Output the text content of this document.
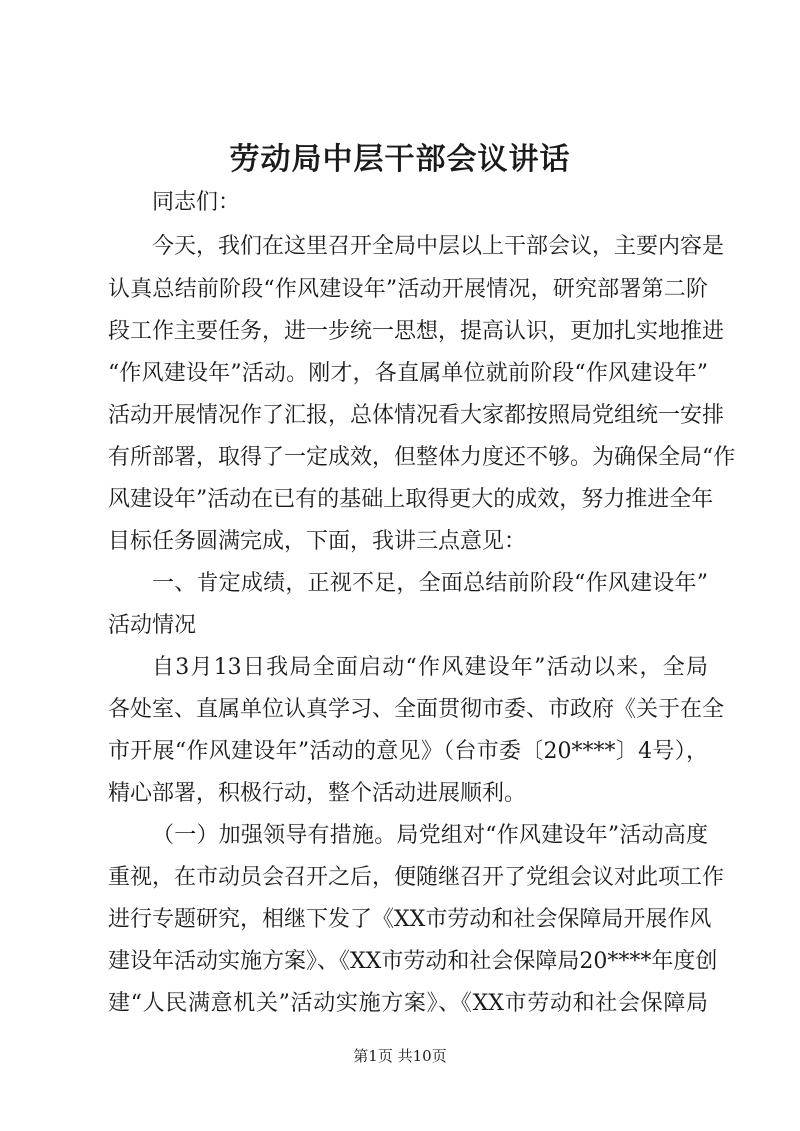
劳动局中层干部会议讲话
同志们：
今天，我们在这里召开全局中层以上干部会议，主要内容是
认真总结前阶段“作风建设年”活动开展情况，研究部署第二阶
段工作主要任务，进一步统一思想，提高认识，更加扎实地推进
“作风建设年”活动。刚才，各直属单位就前阶段“作风建设年”
活动开展情况作了汇报，总体情况看大家都按照局党组统一安排
有所部署，取得了一定成效，但整体力度还不够。为确保全局“作
风建设年”活动在已有的基础上取得更大的成效，努力推进全年
目标任务圆满完成，下面，我讲三点意见：
一、肯定成绩，正视不足，全面总结前阶段“作风建设年”
活动情况
自3月13日我局全面启动“作风建设年”活动以来，全局
各处室、直属单位认真学习、全面贯彻市委、市政府《关于在全
市开展“作风建设年”活动的意见》（台市委〔20****〕4号），
精心部署，积极行动，整个活动进展顺利。
（一）加强领导有措施。局党组对“作风建设年”活动高度
重视，在市动员会召开之后，便随继召开了党组会议对此项工作
进行专题研究，相继下发了《XX市劳动和社会保障局开展作风
建设年活动实施方案》、《XX市劳动和社会保障局20****年度创
建“人民满意机关”活动实施方案》、《XX市劳动和社会保障局
第1页 共10页
